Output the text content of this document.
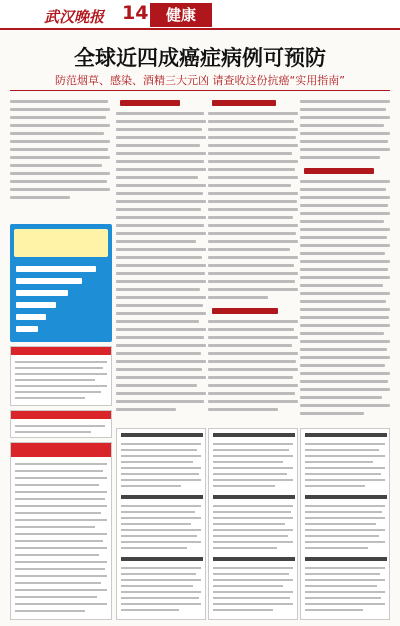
武汉晚报 14	健康
全球近四成癌症病例可预防
防范烟草、感染、酒精三大元凶 请查收这份抗癌“实用指南”
